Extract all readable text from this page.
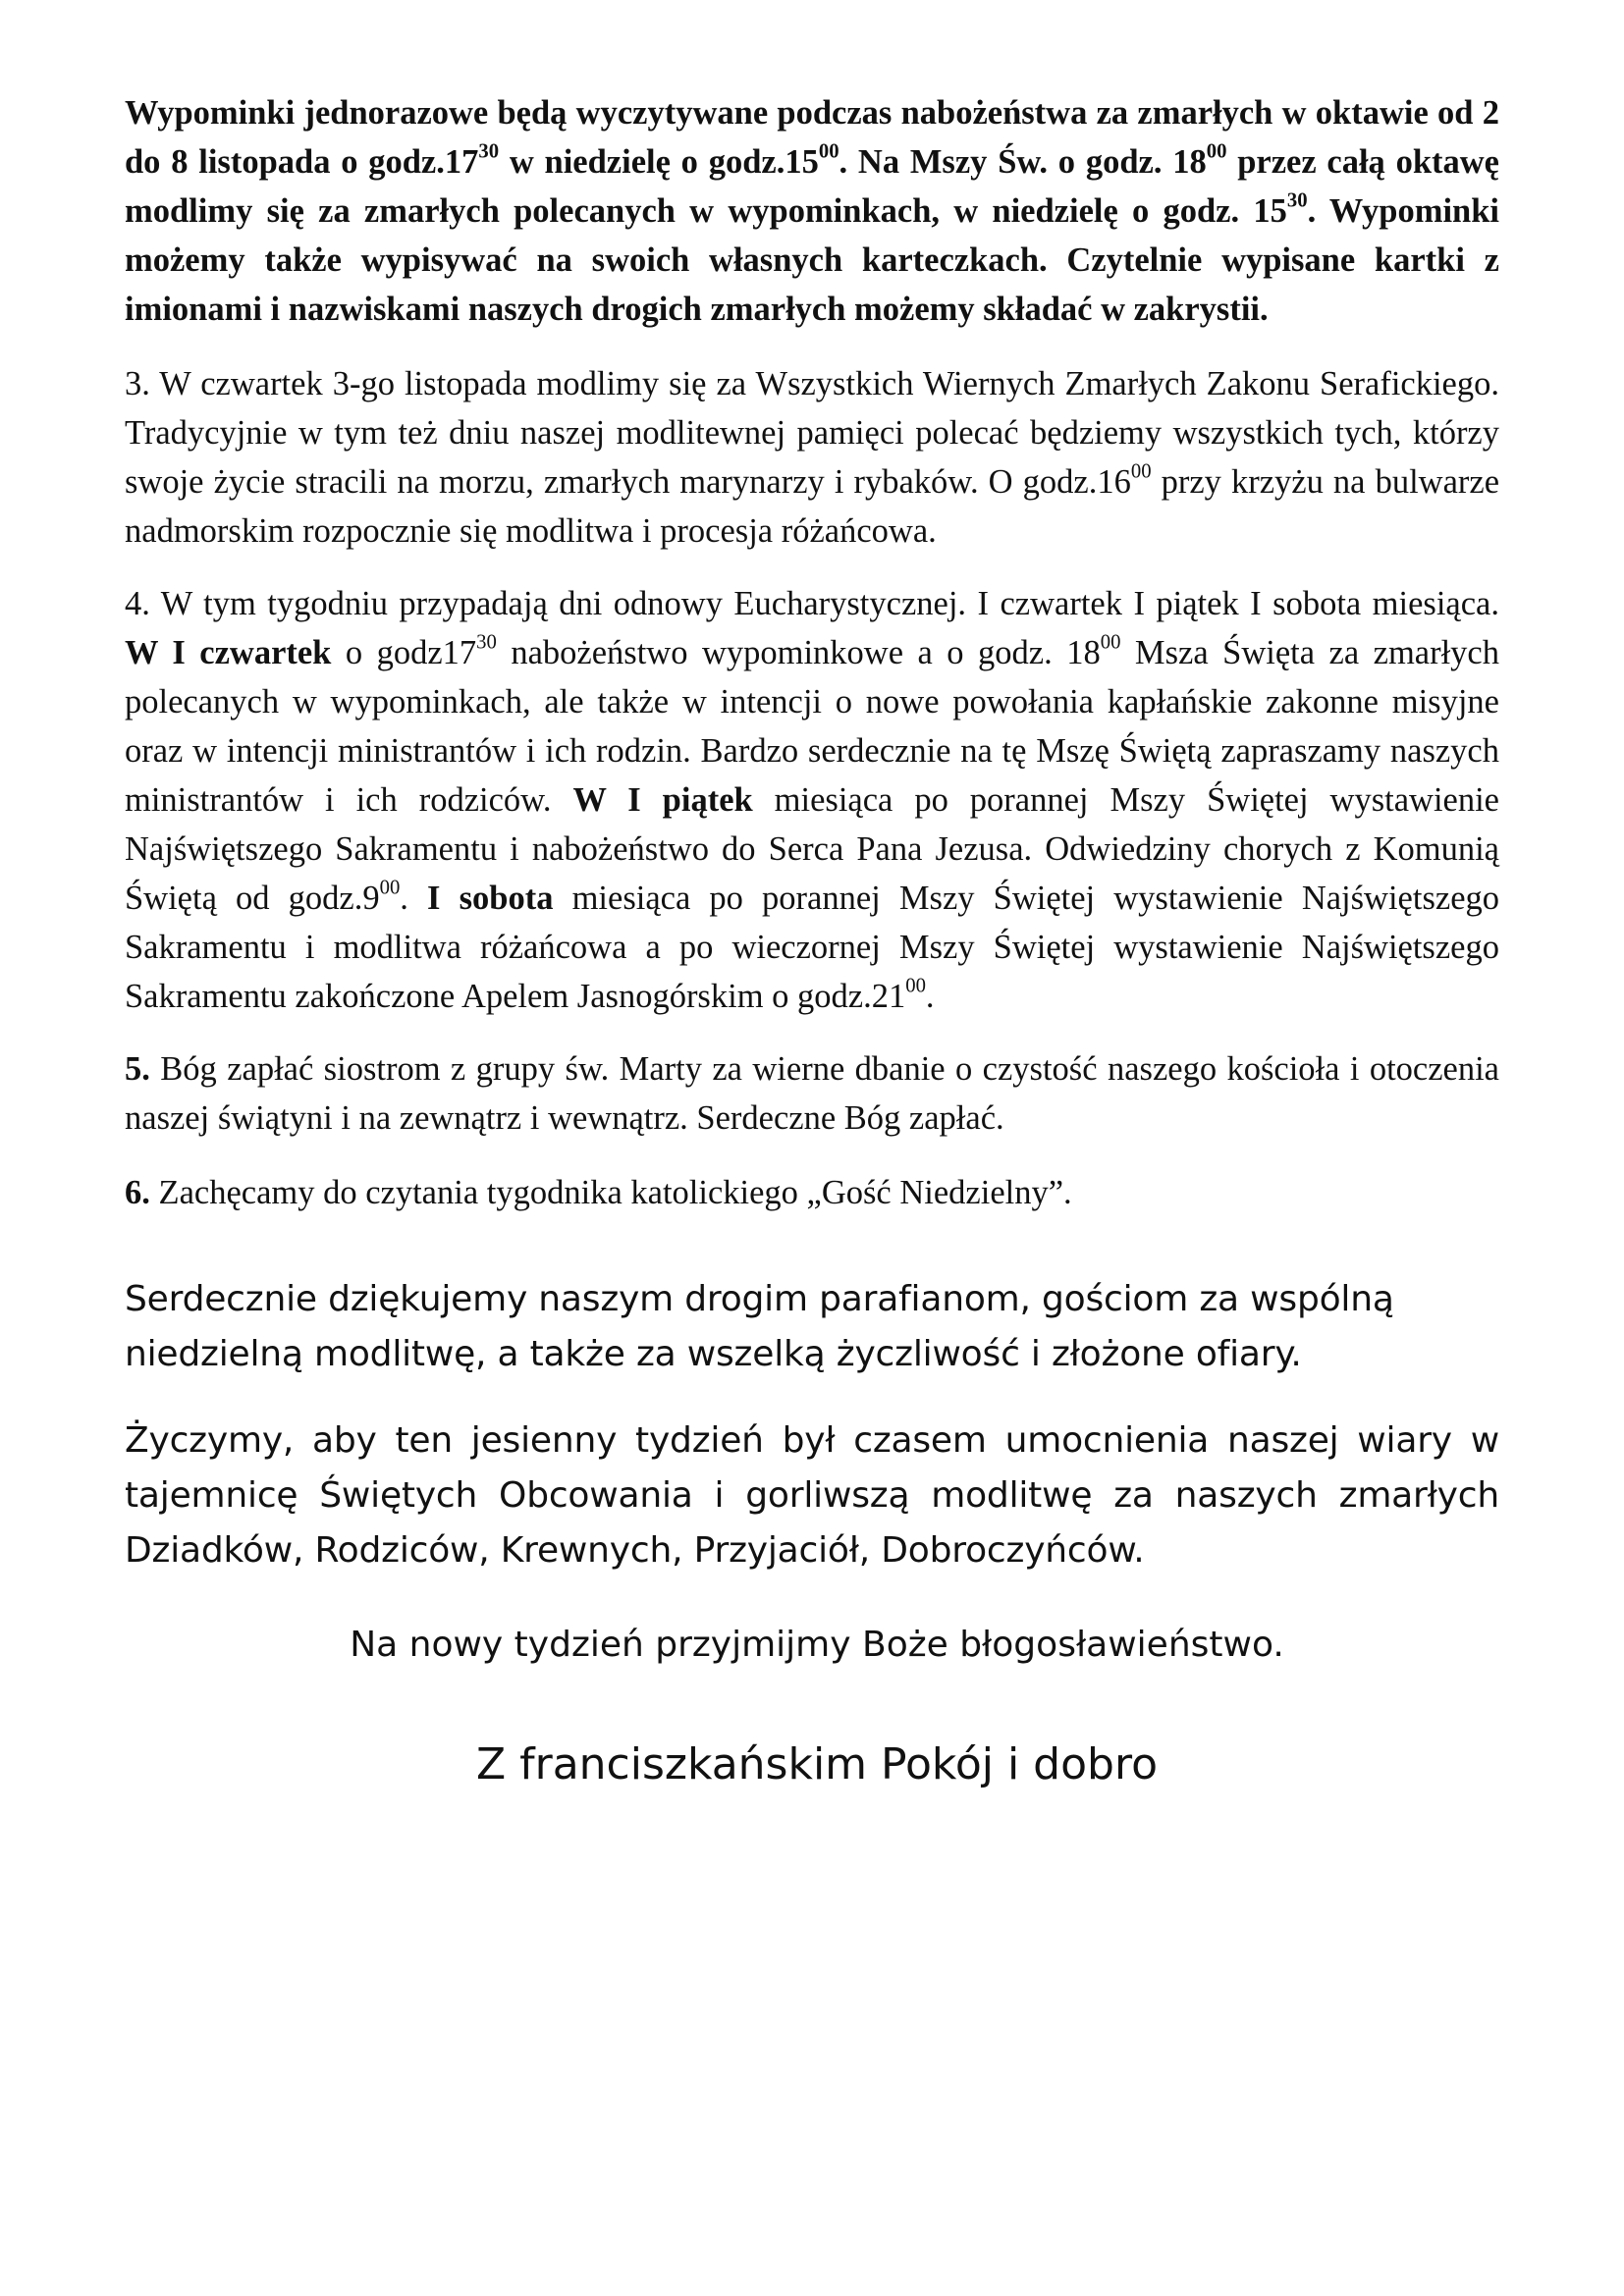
Wypominki jednorazowe będą wyczytywane podczas nabożeństwa za zmarłych w oktawie od 2 do 8 listopada o $godz.17^{30}$ w niedzielę o $godz.15^{00}$. Na Mszy Św. o godz. $18^{00}$ przez całą oktawę modlimy się za zmarłych polecanych w wypominkach, w niedzielę o godz. $15^{30}$. Wypominki możemy także wypisywać na swoich własnych karteczkach. Czytelnie wypisane kartki z imionami i nazwiskami naszych drogich zmarłych możemy składać w zakrystii.

3. W czwartek 3-go listopada modlimy się za Wszystkich Wiernych Zmarłych Zakonu Serafickiego. Tradycyjnie w tym też dniu naszej modlitewnej pamięci polecać będziemy wszystkich tych, którzy swoje życie stracili na morzu, zmarłych marynarzy i rybaków. O $godz.16^{00}$ przy krzyżu na bulwarze nadmorskim rozpocznie się modlitwa i procesja różańcowa.

4. W tym tygodniu przypadają dni odnowy Eucharystycznej. I czwartek I piątek I sobota miesiąca. W I czwartek o $godz17^{30}$ nabożeństwo wypominkowe a o godz. $18^{00}$ Msza Święta za zmarłych polecanych w wypominkach, ale także w intencji o nowe powołania kapłańskie zakonne misyjne oraz w intencji ministrantów i ich rodzin. Bardzo serdecznie na tę Mszę Świętą zapraszamy naszych ministrantów i ich rodziców. W I piątek miesiąca po porannej Mszy Świętej wystawienie Najświętszego Sakramentu i nabożeństwo do Serca Pana Jezusa. Odwiedziny chorych z Komunią Świętą od $godz.9^{00}$. I sobota miesiąca po porannej Mszy Świętej wystawienie Najświętszego Sakramentu i modlitwa różańcowa a po wieczornej Mszy Świętej wystawienie Najświętszego Sakramentu zakończone Apelem Jasnogórskim o $godz.21^{00}$.

5. Bóg zapłać siostrom z grupy św. Marty za wierne dbanie o czystość naszego kościoła i otoczenia naszej świątyni i na zewnątrz i wewnątrz. Serdeczne Bóg zapłać.

6. Zachęcamy do czytania tygodnika katolickiego „Gość Niedzielny”.

Serdecznie dziękujemy naszym drogim parafianom, gościom za wspólną niedzielną modlitwę, a także za wszelką życzliwość i złożone ofiary.

Życzymy, aby ten jesienny tydzień był czasem umocnienia naszej wiary w tajemnicę Świętych Obcowania i gorliwszą modlitwę za naszych zmarłych Dziadków, Rodziców, Krewnych, Przyjaciół, Dobroczyńców.

Na nowy tydzień przyjmijmy Boże błogosławieństwo.

Z franciszkańskim Pokój i dobro
